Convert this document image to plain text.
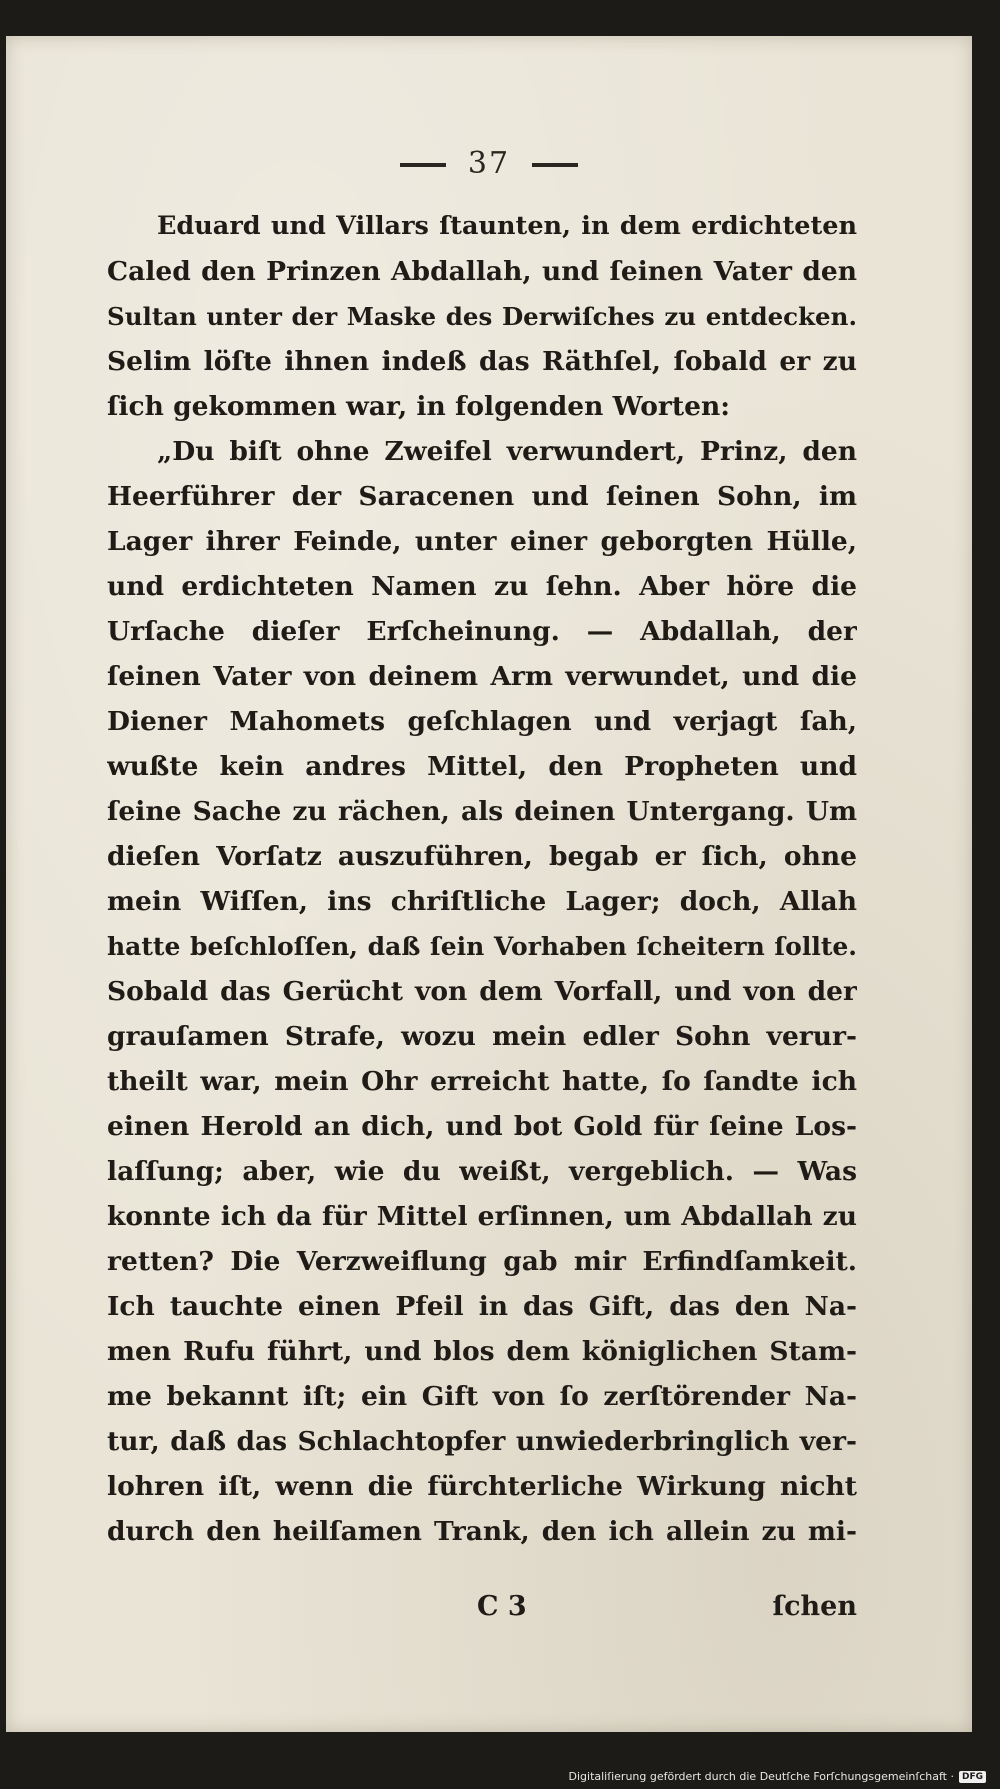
37
Eduard und Villars ſtaunten, in dem erdichteten
Caled den Prinzen Abdallah, und ſeinen Vater den
Sultan unter der Maske des Derwiſches zu entdecken.
Selim löſte ihnen indeß das Räthſel, ſobald er zu
ſich gekommen war, in folgenden Worten:
„Du biſt ohne Zweifel verwundert, Prinz, den
Heerführer der Saracenen und ſeinen Sohn, im
Lager ihrer Feinde, unter einer geborgten Hülle,
und erdichteten Namen zu ſehn. Aber höre die
Urſache dieſer Erſcheinung. — Abdallah, der
ſeinen Vater von deinem Arm verwundet, und die
Diener Mahomets geſchlagen und verjagt ſah,
wußte kein andres Mittel, den Propheten und
ſeine Sache zu rächen, als deinen Untergang. Um
dieſen Vorſatz auszuführen, begab er ſich, ohne
mein Wiſſen, ins chriſtliche Lager; doch, Allah
hatte beſchloſſen, daß ſein Vorhaben ſcheitern ſollte.
Sobald das Gerücht von dem Vorfall, und von der
grauſamen Strafe, wozu mein edler Sohn verur-
theilt war, mein Ohr erreicht hatte, ſo ſandte ich
einen Herold an dich, und bot Gold für ſeine Los-
laſſung; aber, wie du weißt, vergeblich. — Was
konnte ich da für Mittel erſinnen, um Abdallah zu
retten? Die Verzweiflung gab mir Erfindſamkeit.
Ich tauchte einen Pfeil in das Gift, das den Na-
men Rufu führt, und blos dem königlichen Stam-
me bekannt iſt; ein Gift von ſo zerſtörender Na-
tur, daß das Schlachtopfer unwiederbringlich ver-
lohren iſt, wenn die fürchterliche Wirkung nicht
durch den heilſamen Trank, den ich allein zu mi-
C 3	ſchen
Digitaliſierung gefördert durch die Deutſche Forſchungsgemeinſchaft · DFG
